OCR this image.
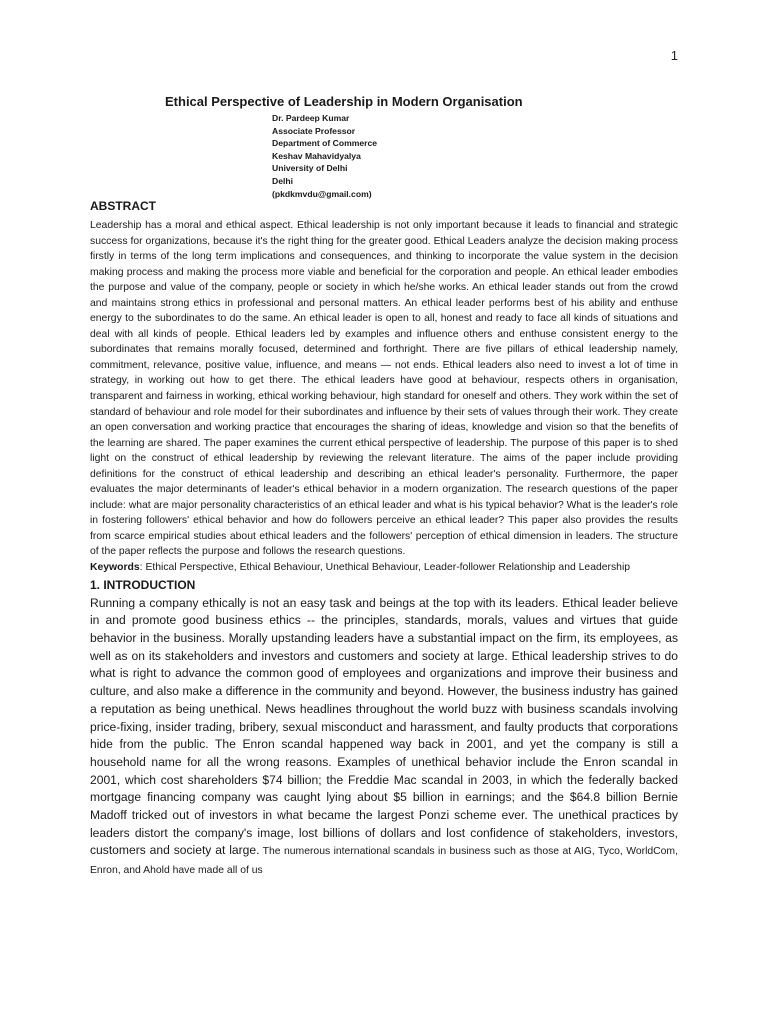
1
Ethical Perspective of Leadership in Modern Organisation
Dr. Pardeep Kumar
Associate Professor
Department of Commerce
Keshav Mahavidyalya
University of Delhi
Delhi
(pkdkmvdu@gmail.com)
ABSTRACT

Leadership has a moral and ethical aspect. Ethical leadership is not only important because it leads to financial and strategic success for organizations, because it's the right thing for the greater good. Ethical Leaders analyze the decision making process firstly in terms of the long term implications and consequences, and thinking to incorporate the value system in the decision making process and making the process more viable and beneficial for the corporation and people. An ethical leader embodies the purpose and value of the company, people or society in which he/she works. An ethical leader stands out from the crowd and maintains strong ethics in professional and personal matters. An ethical leader performs best of his ability and enthuse energy to the subordinates to do the same. An ethical leader is open to all, honest and ready to face all kinds of situations and deal with all kinds of people. Ethical leaders led by examples and influence others and enthuse consistent energy to the subordinates that remains morally focused, determined and forthright. There are five pillars of ethical leadership namely, commitment, relevance, positive value, influence, and means — not ends. Ethical leaders also need to invest a lot of time in strategy, in working out how to get there. The ethical leaders have good at behaviour, respects others in organisation, transparent and fairness in working, ethical working behaviour, high standard for oneself and others. They work within the set of standard of behaviour and role model for their subordinates and influence by their sets of values through their work. They create an open conversation and working practice that encourages the sharing of ideas, knowledge and vision so that the benefits of the learning are shared. The paper examines the current ethical perspective of leadership. The purpose of this paper is to shed light on the construct of ethical leadership by reviewing the relevant literature. The aims of the paper include providing definitions for the construct of ethical leadership and describing an ethical leader's personality. Furthermore, the paper evaluates the major determinants of leader's ethical behavior in a modern organization. The research questions of the paper include: what are major personality characteristics of an ethical leader and what is his typical behavior? What is the leader's role in fostering followers' ethical behavior and how do followers perceive an ethical leader? This paper also provides the results from scarce empirical studies about ethical leaders and the followers' perception of ethical dimension in leaders. The structure of the paper reflects the purpose and follows the research questions.

Keywords: Ethical Perspective, Ethical Behaviour, Unethical Behaviour, Leader-follower Relationship and Leadership

1. INTRODUCTION

Running a company ethically is not an easy task and beings at the top with its leaders. Ethical leader believe in and promote good business ethics -- the principles, standards, morals, values and virtues that guide behavior in the business. Morally upstanding leaders have a substantial impact on the firm, its employees, as well as on its stakeholders and investors and customers and society at large. Ethical leadership strives to do what is right to advance the common good of employees and organizations and improve their business and culture, and also make a difference in the community and beyond. However, the business industry has gained a reputation as being unethical. News headlines throughout the world buzz with business scandals involving price-fixing, insider trading, bribery, sexual misconduct and harassment, and faulty products that corporations hide from the public. The Enron scandal happened way back in 2001, and yet the company is still a household name for all the wrong reasons. Examples of unethical behavior include the Enron scandal in 2001, which cost shareholders $74 billion; the Freddie Mac scandal in 2003, in which the federally backed mortgage financing company was caught lying about $5 billion in earnings; and the $64.8 billion Bernie Madoff tricked out of investors in what became the largest Ponzi scheme ever. The unethical practices by leaders distort the company's image, lost billions of dollars and lost confidence of stakeholders, investors, customers and society at large. The numerous international scandals in business such as those at AIG, Tyco, WorldCom, Enron, and Ahold have made all of us
